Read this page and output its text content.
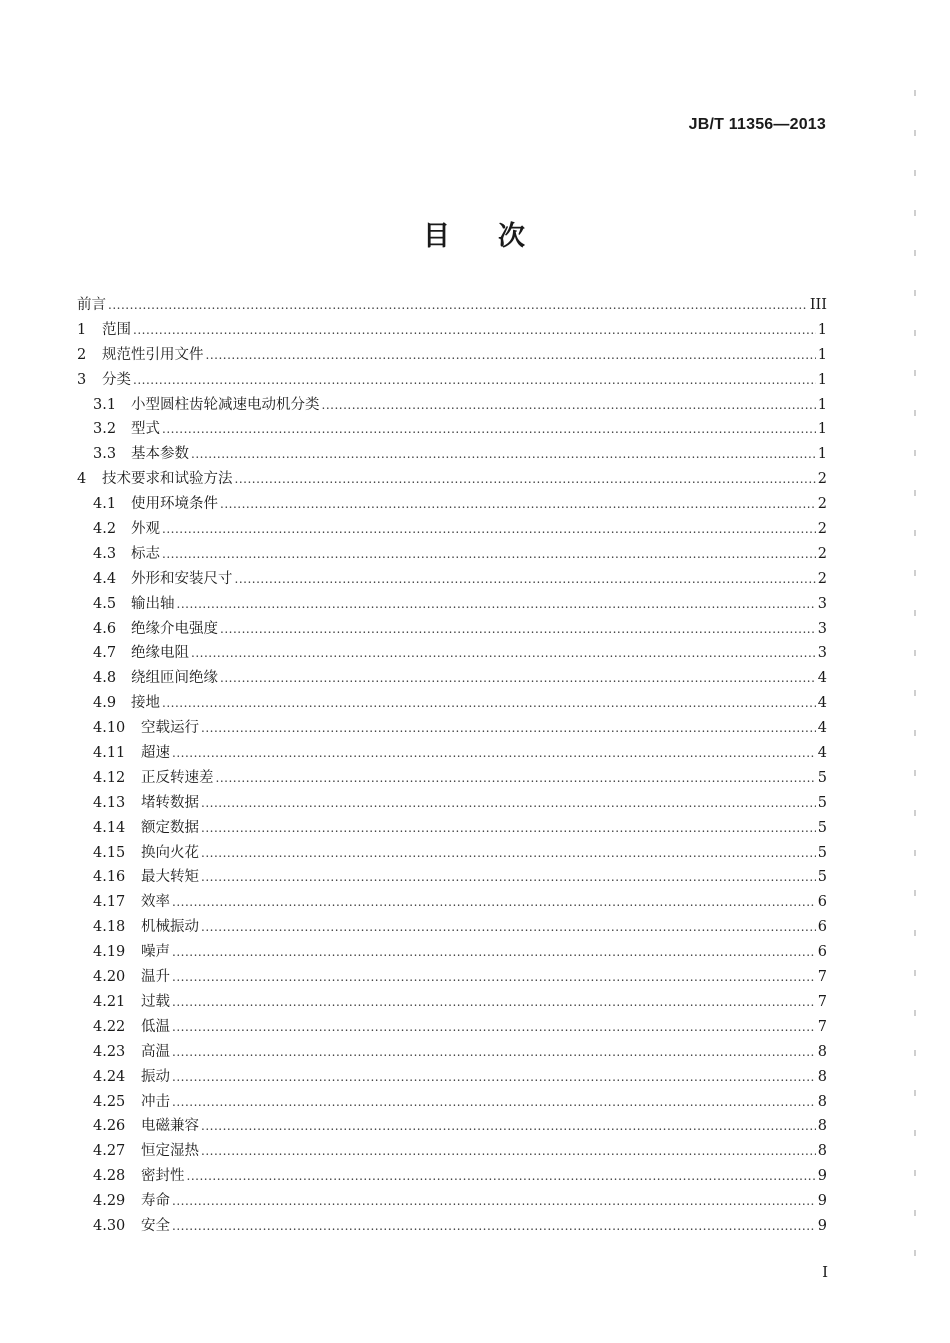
JB/T 11356—2013
目 次
前言 .....	III
1	范围 .....	1
2	规范性引用文件 .....	1
3	分类 .....	1
3.1	小型圆柱齿轮减速电动机分类 .....	1
3.2	型式 .....	1
3.3	基本参数 .....	1
4	技术要求和试验方法 .....	2
4.1	使用环境条件 .....	2
4.2	外观 .....	2
4.3	标志 .....	2
4.4	外形和安装尺寸 .....	2
4.5	输出轴 .....	3
4.6	绝缘介电强度 .....	3
4.7	绝缘电阻 .....	3
4.8	绕组匝间绝缘 .....	4
4.9	接地 .....	4
4.10	空载运行 .....	4
4.11	超速 .....	4
4.12	正反转速差 .....	5
4.13	堵转数据 .....	5
4.14	额定数据 .....	5
4.15	换向火花 .....	5
4.16	最大转矩 .....	5
4.17	效率 .....	6
4.18	机械振动 .....	6
4.19	噪声 .....	6
4.20	温升 .....	7
4.21	过载 .....	7
4.22	低温 .....	7
4.23	高温 .....	8
4.24	振动 .....	8
4.25	冲击 .....	8
4.26	电磁兼容 .....	8
4.27	恒定湿热 .....	8
4.28	密封性 .....	9
4.29	寿命 .....	9
4.30	安全 .....	9
I
